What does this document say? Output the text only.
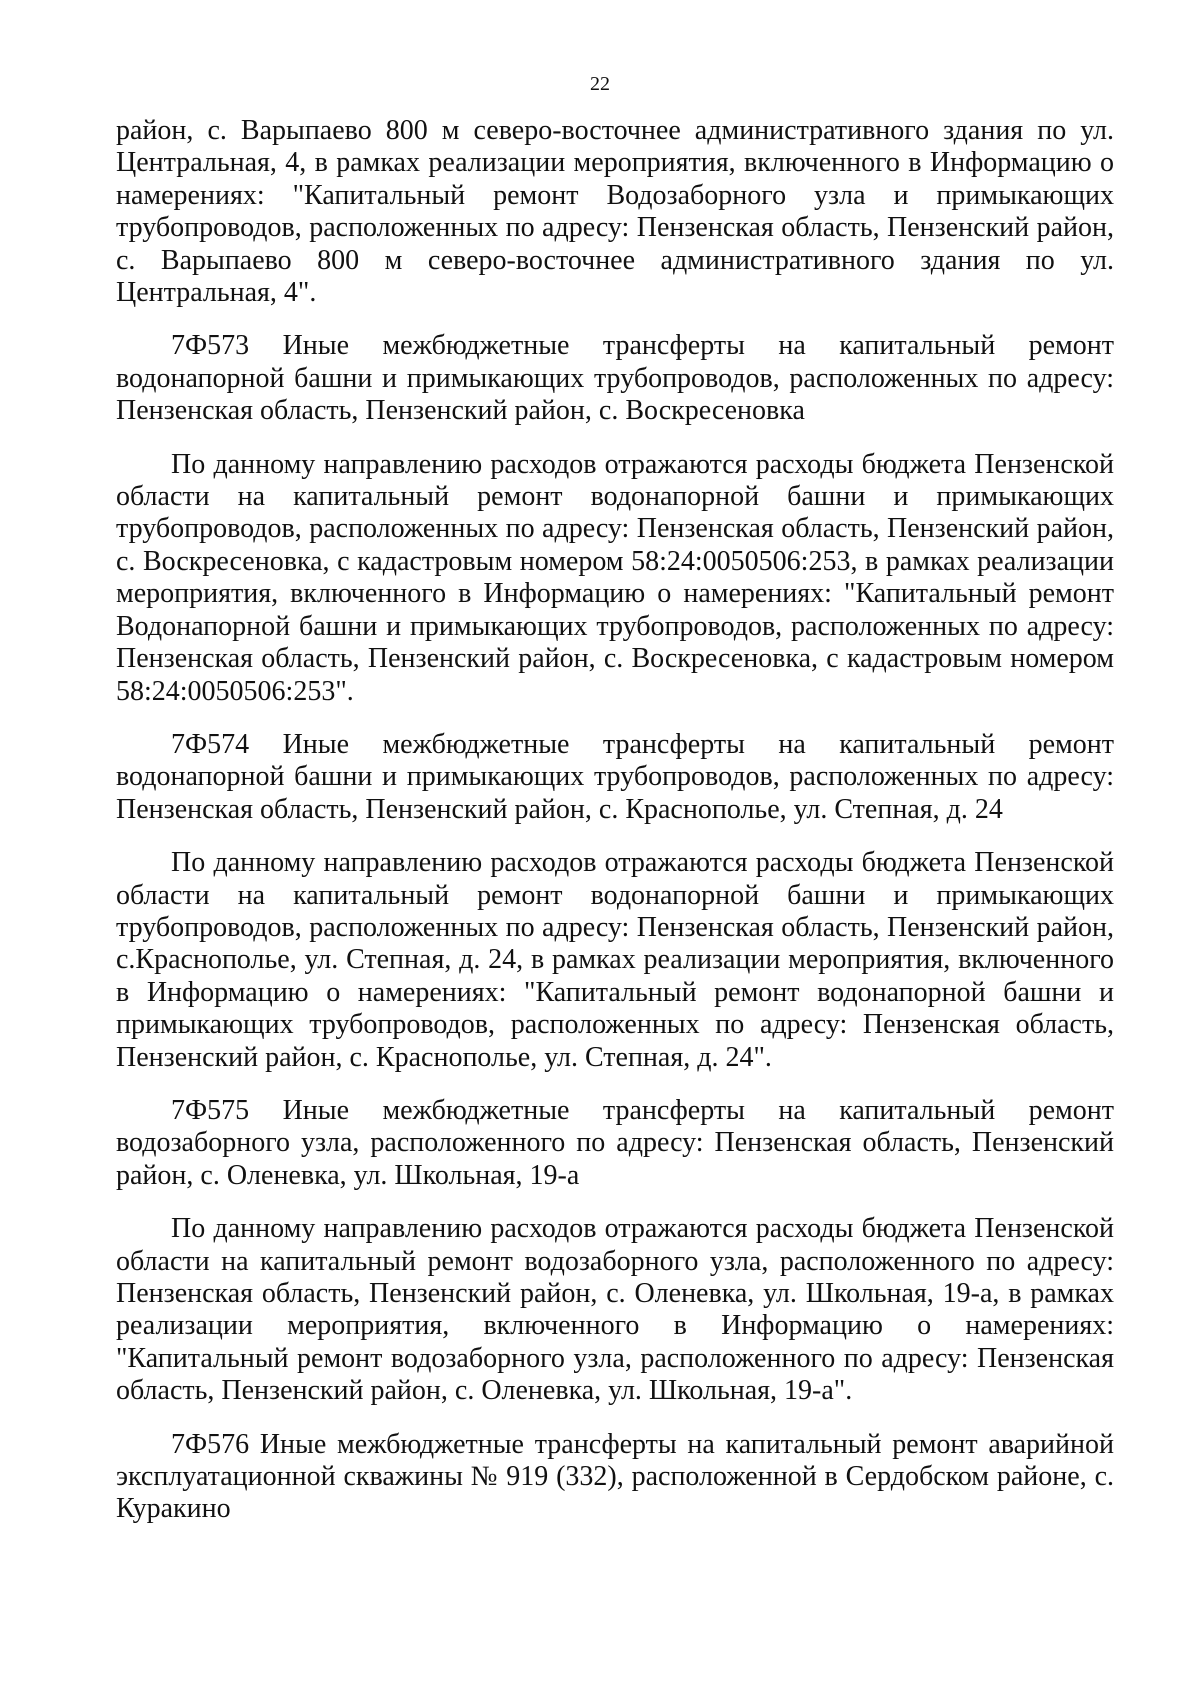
22

район, с. Варыпаево 800 м северо-восточнее административного здания по ул. Центральная, 4, в рамках реализации мероприятия, включенного в Информацию о намерениях: "Капитальный ремонт Водозаборного узла и примыкающих трубопроводов, расположенных по адресу: Пензенская область, Пензенский район, с. Варыпаево 800 м северо-восточнее административного здания по ул. Центральная, 4".

7Ф573 Иные межбюджетные трансферты на капитальный ремонт водонапорной башни и примыкающих трубопроводов, расположенных по адресу: Пензенская область, Пензенский район, с. Воскресеновка

По данному направлению расходов отражаются расходы бюджета Пензенской области на капитальный ремонт водонапорной башни и примыкающих трубопроводов, расположенных по адресу: Пензенская область, Пензенский район, с. Воскресеновка, с кадастровым номером 58:24:0050506:253, в рамках реализации мероприятия, включенного в Информацию о намерениях: "Капитальный ремонт Водонапорной башни и примыкающих трубопроводов, расположенных по адресу: Пензенская область, Пензенский район, с. Воскресеновка, с кадастровым номером 58:24:0050506:253".

7Ф574 Иные межбюджетные трансферты на капитальный ремонт водонапорной башни и примыкающих трубопроводов, расположенных по адресу: Пензенская область, Пензенский район, с. Краснополье, ул. Степная, д. 24

По данному направлению расходов отражаются расходы бюджета Пензенской области на капитальный ремонт водонапорной башни и примыкающих трубопроводов, расположенных по адресу: Пензенская область, Пензенский район, с.Краснополье, ул. Степная, д. 24, в рамках реализации мероприятия, включенного в Информацию о намерениях: "Капитальный ремонт водонапорной башни и примыкающих трубопроводов, расположенных по адресу: Пензенская область, Пензенский район, с. Краснополье, ул. Степная, д. 24".

7Ф575 Иные межбюджетные трансферты на капитальный ремонт водозаборного узла, расположенного по адресу: Пензенская область, Пензенский район, с. Оленевка, ул. Школьная, 19-а

По данному направлению расходов отражаются расходы бюджета Пензенской области на капитальный ремонт водозаборного узла, расположенного по адресу: Пензенская область, Пензенский район, с. Оленевка, ул. Школьная, 19-а, в рамках реализации мероприятия, включенного в Информацию о намерениях: "Капитальный ремонт водозаборного узла, расположенного по адресу: Пензенская область, Пензенский район, с. Оленевка, ул. Школьная, 19-а".

7Ф576 Иные межбюджетные трансферты на капитальный ремонт аварийной эксплуатационной скважины № 919 (332), расположенной в Сердобском районе, с. Куракино
